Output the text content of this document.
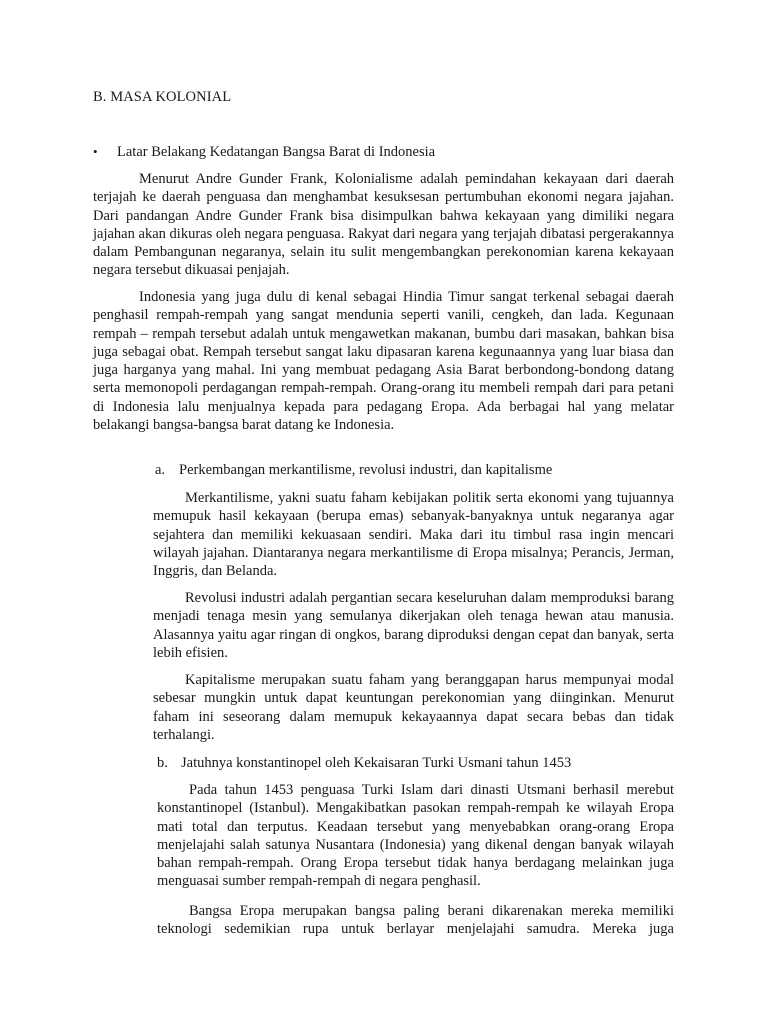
B. MASA KOLONIAL
•	Latar Belakang Kedatangan Bangsa Barat di Indonesia

Menurut Andre Gunder Frank, Kolonialisme adalah pemindahan kekayaan dari daerah terjajah ke daerah penguasa dan menghambat kesuksesan pertumbuhan ekonomi negara jajahan. Dari pandangan Andre Gunder Frank bisa disimpulkan bahwa kekayaan yang dimiliki negara jajahan akan dikuras oleh negara penguasa. Rakyat dari negara yang terjajah dibatasi pergerakannya dalam Pembangunan negaranya, selain itu sulit mengembangkan perekonomian karena kekayaan negara tersebut dikuasai penjajah.

Indonesia yang juga dulu di kenal sebagai Hindia Timur sangat terkenal sebagai daerah penghasil rempah-rempah yang sangat mendunia seperti vanili, cengkeh, dan lada. Kegunaan rempah – rempah tersebut adalah untuk mengawetkan makanan, bumbu dari masakan, bahkan bisa juga sebagai obat. Rempah tersebut sangat laku dipasaran karena kegunaannya yang luar biasa dan juga harganya yang mahal. Ini yang membuat pedagang Asia Barat berbondong-bondong datang serta memonopoli perdagangan rempah-rempah. Orang-orang itu membeli rempah dari para petani di Indonesia lalu menjualnya kepada para pedagang Eropa. Ada berbagai hal yang melatar belakangi bangsa-bangsa barat datang ke Indonesia.

a. Perkembangan merkantilisme, revolusi industri, dan kapitalisme

Merkantilisme, yakni suatu faham kebijakan politik serta ekonomi yang tujuannya memupuk hasil kekayaan (berupa emas) sebanyak-banyaknya untuk negaranya agar sejahtera dan memiliki kekuasaan sendiri. Maka dari itu timbul rasa ingin mencari wilayah jajahan. Diantaranya negara merkantilisme di Eropa misalnya; Perancis, Jerman, Inggris, dan Belanda.

Revolusi industri adalah pergantian secara keseluruhan dalam memproduksi barang menjadi tenaga mesin yang semulanya dikerjakan oleh tenaga hewan atau manusia. Alasannya yaitu agar ringan di ongkos, barang diproduksi dengan cepat dan banyak, serta lebih efisien.

Kapitalisme merupakan suatu faham yang beranggapan harus mempunyai modal sebesar mungkin untuk dapat keuntungan perekonomian yang diinginkan. Menurut faham ini seseorang dalam memupuk kekayaannya dapat secara bebas dan tidak terhalangi.

b. Jatuhnya konstantinopel oleh Kekaisaran Turki Usmani tahun 1453

Pada tahun 1453 penguasa Turki Islam dari dinasti Utsmani berhasil merebut konstantinopel (Istanbul). Mengakibatkan pasokan rempah-rempah ke wilayah Eropa mati total dan terputus. Keadaan tersebut yang menyebabkan orang-orang Eropa menjelajahi salah satunya Nusantara (Indonesia) yang dikenal dengan banyak wilayah bahan rempah-rempah. Orang Eropa tersebut tidak hanya berdagang melainkan juga menguasai sumber rempah-rempah di negara penghasil.

Bangsa Eropa merupakan bangsa paling berani dikarenakan mereka memiliki teknologi sedemikian rupa untuk berlayar menjelajahi samudra. Mereka juga
